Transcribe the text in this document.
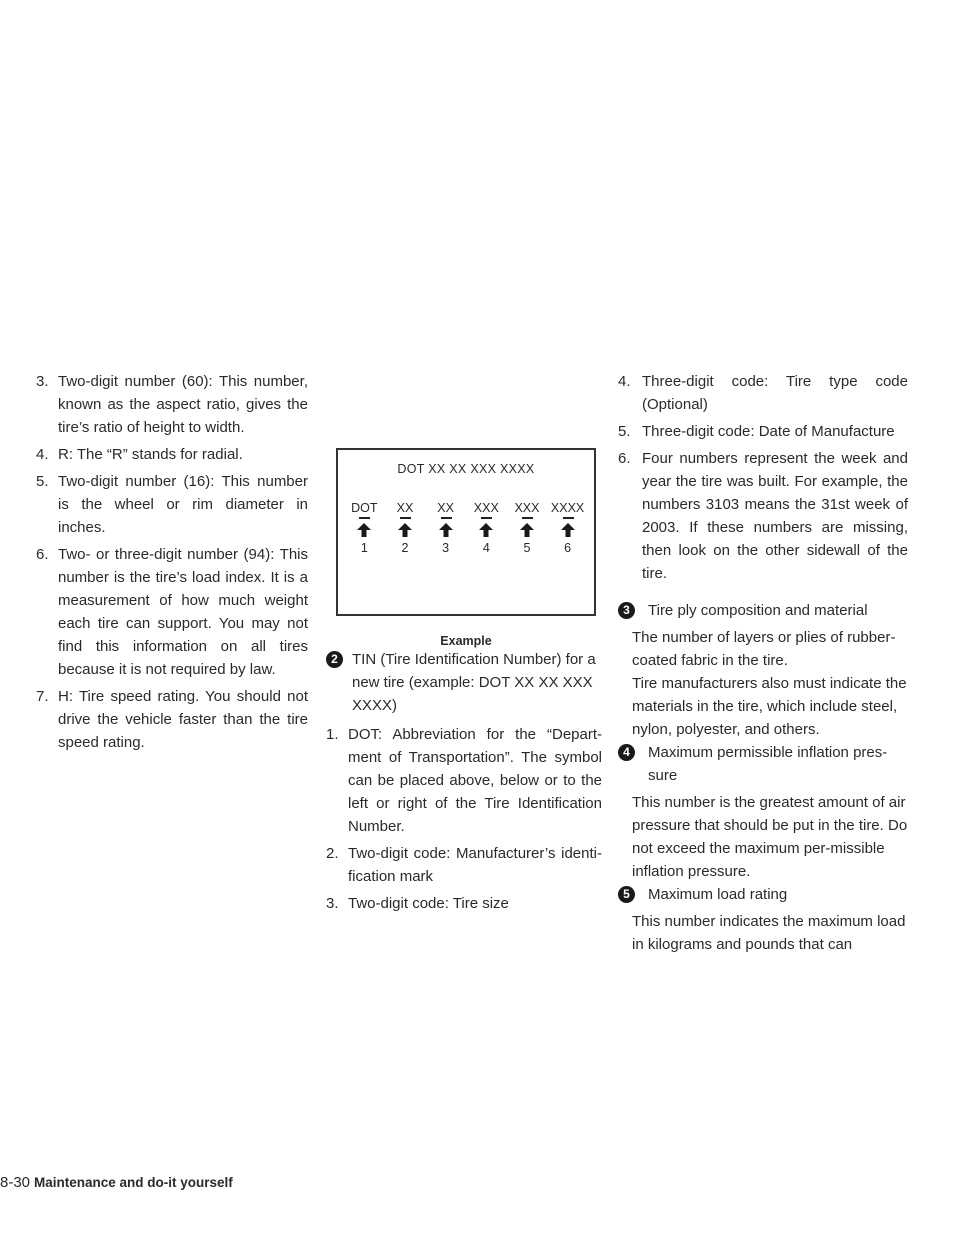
3. Two-digit number (60): This number, known as the aspect ratio, gives the tire’s ratio of height to width.
4. R: The “R” stands for radial.
5. Two-digit number (16): This number is the wheel or rim diameter in inches.
6. Two- or three-digit number (94): This number is the tire’s load index. It is a measurement of how much weight each tire can support. You may not find this information on all tires because it is not required by law.
7. H: Tire speed rating. You should not drive the vehicle faster than the tire speed rating.
DOT XX XX XXX XXXX
DOT	XX	XX	XXX	XXX XXXX
1	2	3	4	5	6
Example
2 TIN (Tire Identification Number) for a new tire (example: DOT XX XX XXX XXXX)
1. DOT: Abbreviation for the “Depart-ment of Transportation”. The symbol can be placed above, below or to the left or right of the Tire Identification Number.
2. Two-digit code: Manufacturer’s identi-fication mark
3. Two-digit code: Tire size
4. Three-digit code: Tire type code (Optional)
5. Three-digit code: Date of Manufacture
6. Four numbers represent the week and year the tire was built. For example, the numbers 3103 means the 31st week of 2003. If these numbers are missing, then look on the other sidewall of the tire.
3	Tire ply composition and material

The number of layers or plies of rubber-coated fabric in the tire.

Tire manufacturers also must indicate the materials in the tire, which include steel, nylon, polyester, and others.

4	Maximum permissible inflation pres-sure

This number is the greatest amount of air pressure that should be put in the tire. Do not exceed the maximum per-missible inflation pressure.

5	Maximum load rating

This number indicates the maximum load in kilograms and pounds that can

8-30 Maintenance and do-it yourself
